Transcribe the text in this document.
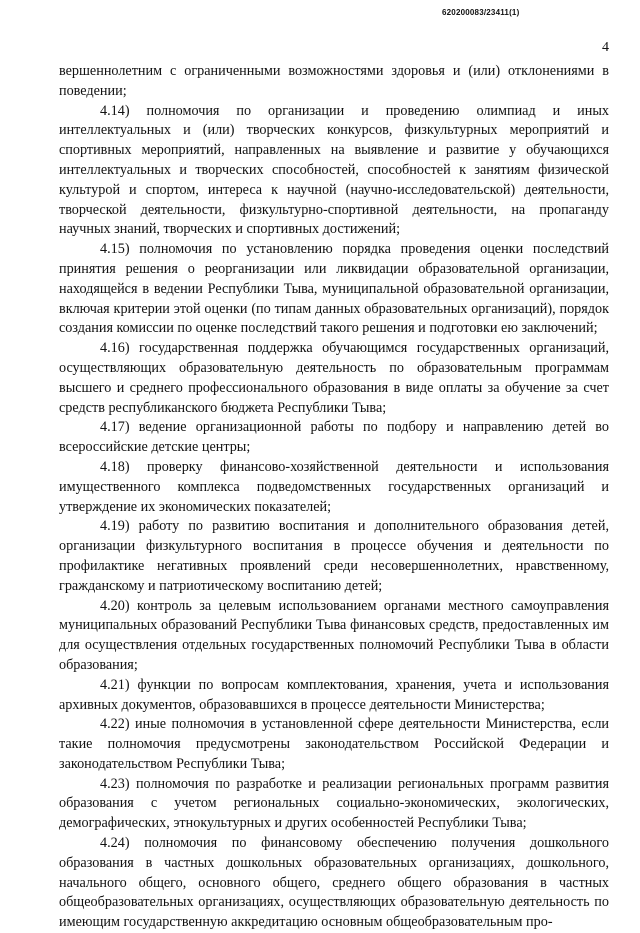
620200083/23411(1)
4

вершеннолетним с ограниченными возможностями здоровья и (или) отклонениями в поведении;

4.14) полномочия по организации и проведению олимпиад и иных интеллектуальных и (или) творческих конкурсов, физкультурных мероприятий и спортивных мероприятий, направленных на выявление и развитие у обучающихся интеллектуальных и творческих способностей, способностей к занятиям физической культурой и спортом, интереса к научной (научно-исследовательской) деятельности, творческой деятельности, физкультурно-спортивной деятельности, на пропаганду научных знаний, творческих и спортивных достижений;

4.15) полномочия по установлению порядка проведения оценки последствий принятия решения о реорганизации или ликвидации образовательной организации, находящейся в ведении Республики Тыва, муниципальной образовательной организации, включая критерии этой оценки (по типам данных образовательных организаций), порядок создания комиссии по оценке последствий такого решения и подготовки ею заключений;

4.16) государственная поддержка обучающимся государственных организаций, осуществляющих образовательную деятельность по образовательным программам высшего и среднего профессионального образования в виде оплаты за обучение за счет средств республиканского бюджета Республики Тыва;

4.17) ведение организационной работы по подбору и направлению детей во всероссийские детские центры;

4.18) проверку финансово-хозяйственной деятельности и использования имущественного комплекса подведомственных государственных организаций и утверждение их экономических показателей;

4.19) работу по развитию воспитания и дополнительного образования детей, организации физкультурного воспитания в процессе обучения и деятельности по профилактике негативных проявлений среди несовершеннолетних, нравственному, гражданскому и патриотическому воспитанию детей;

4.20) контроль за целевым использованием органами местного самоуправления муниципальных образований Республики Тыва финансовых средств, предоставленных им для осуществления отдельных государственных полномочий Республики Тыва в области образования;

4.21) функции по вопросам комплектования, хранения, учета и использования архивных документов, образовавшихся в процессе деятельности Министерства;

4.22) иные полномочия в установленной сфере деятельности Министерства, если такие полномочия предусмотрены законодательством Российской Федерации и законодательством Республики Тыва;

4.23) полномочия по разработке и реализации региональных программ развития образования с учетом региональных социально-экономических, экологических, демографических, этнокультурных и других особенностей Республики Тыва;

4.24) полномочия по финансовому обеспечению получения дошкольного образования в частных дошкольных образовательных организациях, дошкольного, начального общего, основного общего, среднего общего образования в частных общеобразовательных организациях, осуществляющих образовательную деятельность по имеющим государственную аккредитацию основным общеобразовательным про-
